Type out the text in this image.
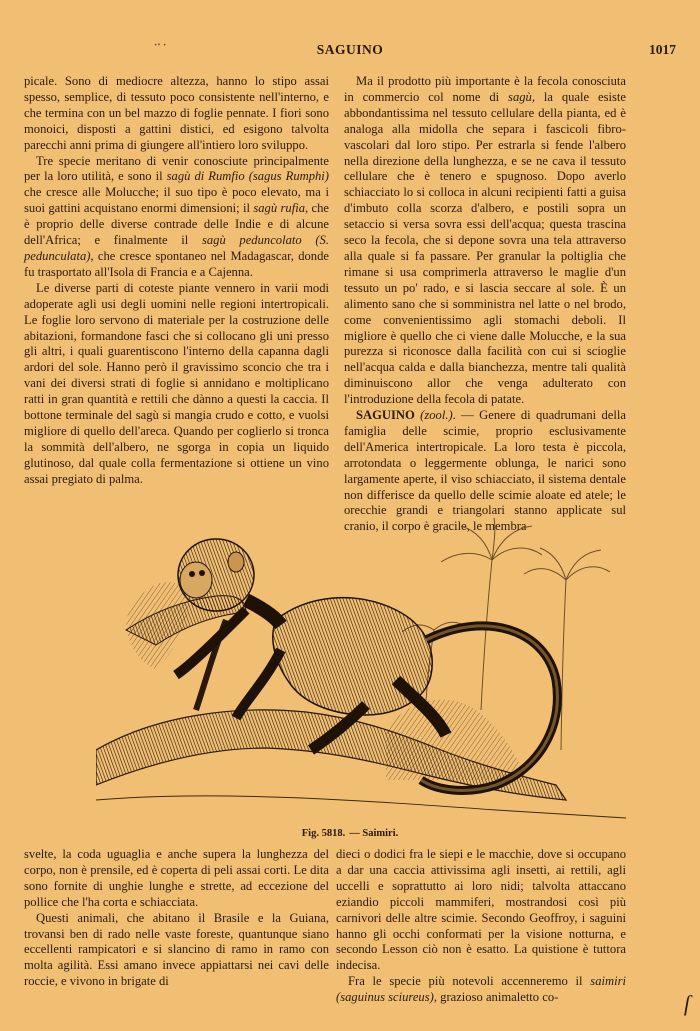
·‧ ·	SAGUINO	1017

picale. Sono di mediocre altezza, hanno lo stipo assai spesso, semplice, di tessuto poco consistente nell'interno, e che termina con un bel mazzo di foglie pennate. I fiori sono monoici, disposti a gattini distici, ed esigono talvolta parecchi anni prima di giungere all'intiero loro sviluppo.

Tre specie meritano di venir conosciute principalmente per la loro utilità, e sono il sagù di Rumfio (sagus Rumphi) che cresce alle Molucche; il suo tipo è poco elevato, ma i suoi gattini acquistano enormi dimensioni; il sagù rufia, che è proprio delle diverse contrade delle Indie e di alcune dell'Africa; e finalmente il sagù peduncolato (S. pedunculata), che cresce spontaneo nel Madagascar, donde fu trasportato all'Isola di Francia e a Cajenna.

Le diverse parti di coteste piante vennero in varii modi adoperate agli usi degli uomini nelle regioni intertropicali. Le foglie loro servono di materiale per la costruzione delle abitazioni, formandone fasci che si collocano gli uni presso gli altri, i quali guarentiscono l'interno della capanna dagli ardori del sole. Hanno però il gravissimo sconcio che tra i vani dei diversi strati di foglie si annidano e moltiplicano ratti in gran quantità e rettili che dànno a questi la caccia. Il bottone terminale del sagù si mangia crudo e cotto, e vuolsi migliore di quello dell'areca. Quando per coglierlo si tronca la sommità dell'albero, ne sgorga in copia un liquido glutinoso, dal quale colla fermentazione si ottiene un vino assai pregiato di palma.

Ma il prodotto più importante è la fecola conosciuta in commercio col nome di sagù, la quale esiste abbondantissima nel tessuto cellulare della pianta, ed è analoga alla midolla che separa i fascicoli fibro-vascolari dal loro stipo. Per estrarla si fende l'albero nella direzione della lunghezza, e se ne cava il tessuto cellulare che è tenero e spugnoso. Dopo averlo schiacciato lo si colloca in alcuni recipienti fatti a guisa d'imbuto colla scorza d'albero, e postili sopra un setaccio si versa sovra essi dell'acqua; questa trascina seco la fecola, che si depone sovra una tela attraverso alla quale si fa passare. Per granular la poltiglia che rimane si usa comprimerla attraverso le maglie d'un tessuto un po' rado, e si lascia seccare al sole. È un alimento sano che si somministra nel latte o nel brodo, come convenientissimo agli stomachi deboli. Il migliore è quello che ci viene dalle Molucche, e la sua purezza si riconosce dalla facilità con cui si scioglie nell'acqua calda e dalla bianchezza, mentre tali qualità diminuiscono allor che venga adulterato con l'introduzione della fecola di patate.

SAGUINO (zool.). — Genere di quadrumani della famiglia delle scimie, proprio esclusivamente dell'America intertropicale. La loro testa è piccola, arrotondata o leggermente oblunga, le narici sono largamente aperte, il viso schiacciato, il sistema dentale non differisce da quello delle scimie aloate ed atele; le orecchie grandi e triangolari stanno applicate sul cranio, il corpo è gracile, le membra

Fig. 5818. — Saimiri.

svelte, la coda uguaglia e anche supera la lunghezza del corpo, non è prensile, ed è coperta di peli assai corti. Le dita sono fornite di unghie lunghe e strette, ad eccezione del pollice che l'ha corta e schiacciata.

Questi animali, che abitano il Brasile e la Guiana, trovansi ben di rado nelle vaste foreste, quantunque siano eccellenti rampicatori e si slancino di ramo in ramo con molta agilità. Essi amano invece appiattarsi nei cavi delle roccie, e vivono in brigate di

dieci o dodici fra le siepi e le macchie, dove si occupano a dar una caccia attivissima agli insetti, ai rettili, agli uccelli e soprattutto ai loro nidi; talvolta attaccano eziandio piccoli mammiferi, mostrandosi così più carnivori delle altre scimie. Secondo Geoffroy, i saguini hanno gli occhi conformati per la visione notturna, e secondo Lesson ciò non è esatto. La quistione è tuttora indecisa.

Fra le specie più notevoli accenneremo il saimiri (saguinus sciureus), grazioso animaletto co-	ſ
